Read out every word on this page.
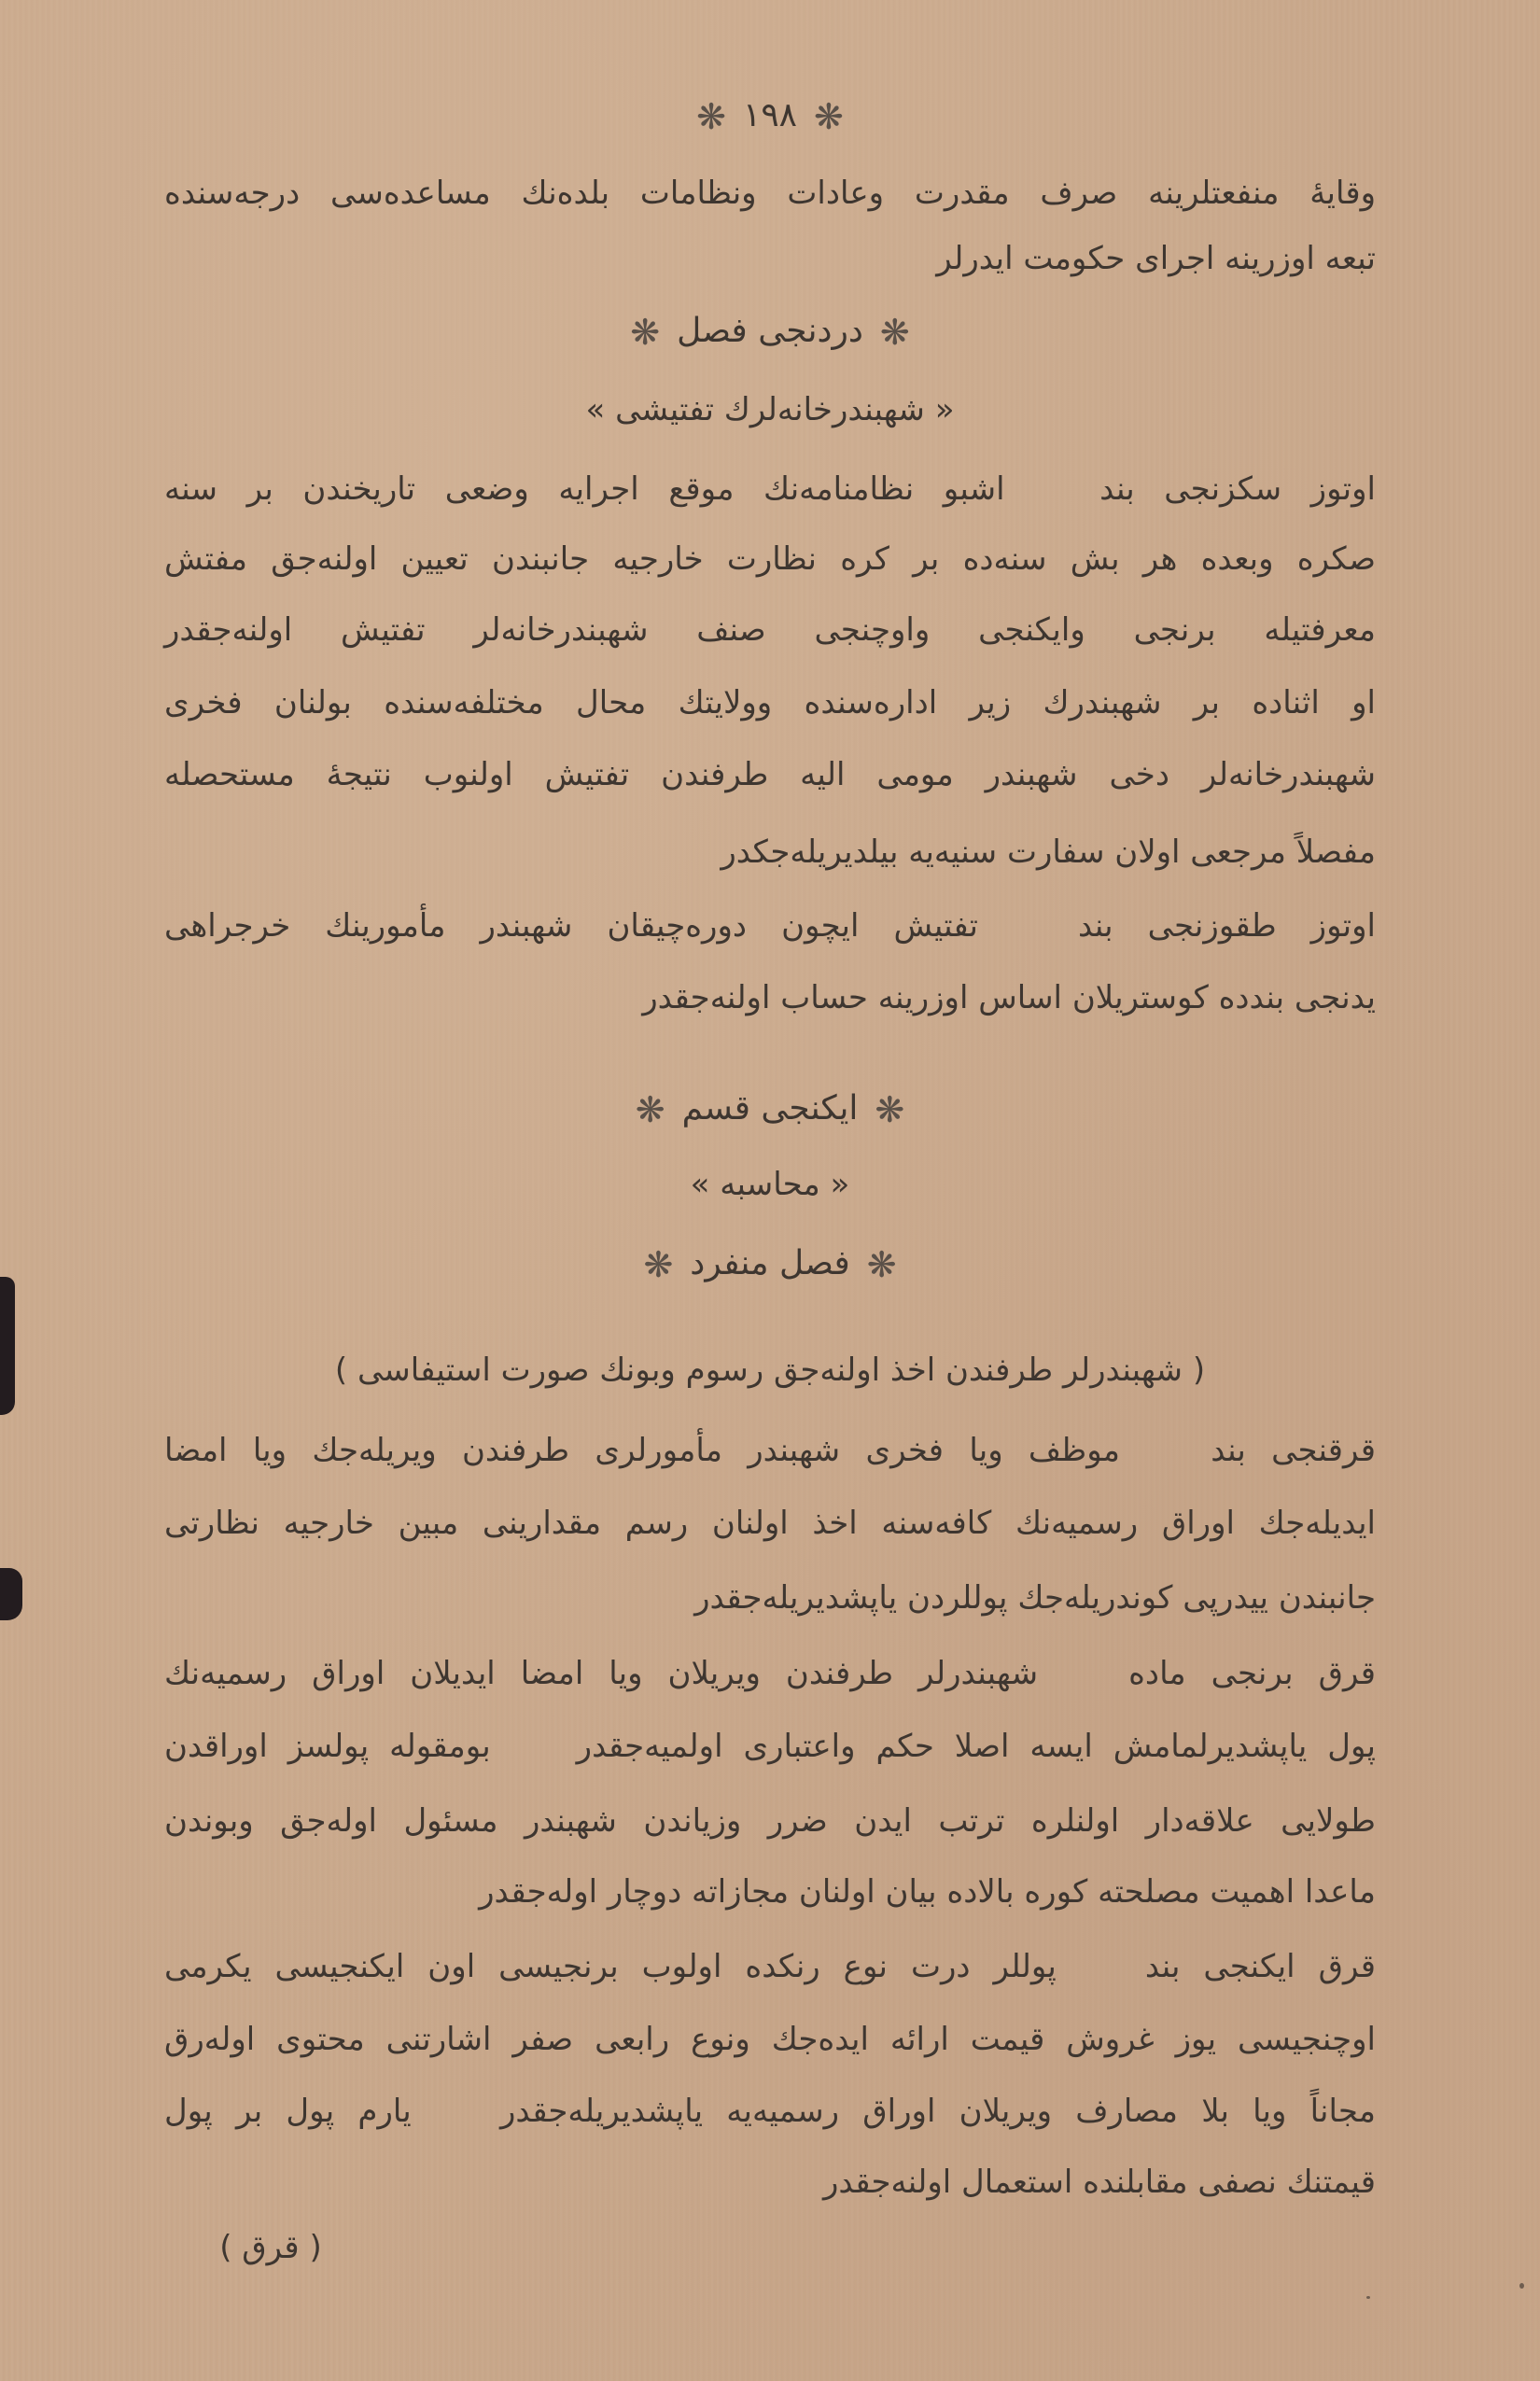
❋١٩٨❋
وقايهٔ منفعتلرينه صرف مقدرت وعادات ونظامات بلده‌نك مساعده‌سى درجه‌سنده
تبعه اوزرينه اجراى حكومت ايدرلر
❋دردنجى فصل❋
« شهبندرخانه‌لرك تفتيشى »
اوتوز سكزنجى بند اشبو نظامنامه‌نك موقع اجرايه وضعى تاريخندن بر سنه
صكره وبعده هر بش سنه‌ده بر كره نظارت خارجيه جانبندن تعيين اولنه‌جق مفتش
معرفتيله برنجى وايكنجى واوچنجى صنف شهبندرخانه‌لر تفتيش اولنه‌جقدر
او اثناده بر شهبندرك زير اداره‌سنده وولايتك محال مختلفه‌سنده بولنان فخرى
شهبندرخانه‌لر دخى شهبندر مومى اليه طرفندن تفتيش اولنوب نتيجهٔ مستحصله
مفصلاً مرجعى اولان سفارت سنيه‌يه بيلديريله‌جكدر
اوتوز طقوزنجى بند تفتيش ايچون دوره‌چيقان شهبندر مأمورينك خرجراهى
يدنجى بندده كوستريلان اساس اوزرينه حساب اولنه‌جقدر
❋ايكنجى قسم❋
« محاسبه »
❋فصل منفرد❋
( شهبندرلر طرفندن اخذ اولنه‌جق رسوم وبونك صورت استيفاسى )
قرقنجى بند موظف ويا فخرى شهبندر مأمورلرى طرفندن ويريله‌جك ويا امضا
ايديله‌جك اوراق رسميه‌نك كافه‌سنه اخذ اولنان رسم مقدارينى مبين خارجيه نظارتى
جانبندن ييدرپى كوندريله‌جك پوللردن ياپشديريله‌جقدر
قرق برنجى ماده شهبندرلر طرفندن ويريلان ويا امضا ايديلان اوراق رسميه‌نك
پول ياپشديرلمامش ايسه اصلا حكم واعتبارى اولميه‌جقدر بومقوله پولسز اوراقدن
طولايى علاقه‌دار اولنلره ترتب ايدن ضرر وزياندن شهبندر مسئول اوله‌جق وبوندن
ماعدا اهميت مصلحته كوره بالاده بيان اولنان مجازاته دوچار اوله‌جقدر
قرق ايكنجى بند پوللر درت نوع رنكده اولوب برنجيسى اون ايكنجيسى يكرمى
اوچنجيسى يوز غروش قيمت ارائه ايده‌جك ونوع رابعى صفر اشارتنى محتوى اوله‌رق
مجاناً ويا بلا مصارف ويريلان اوراق رسميه‌يه ياپشديريله‌جقدر يارم پول بر پول
قيمتنك نصفى مقابلنده استعمال اولنه‌جقدر
( قرق )
